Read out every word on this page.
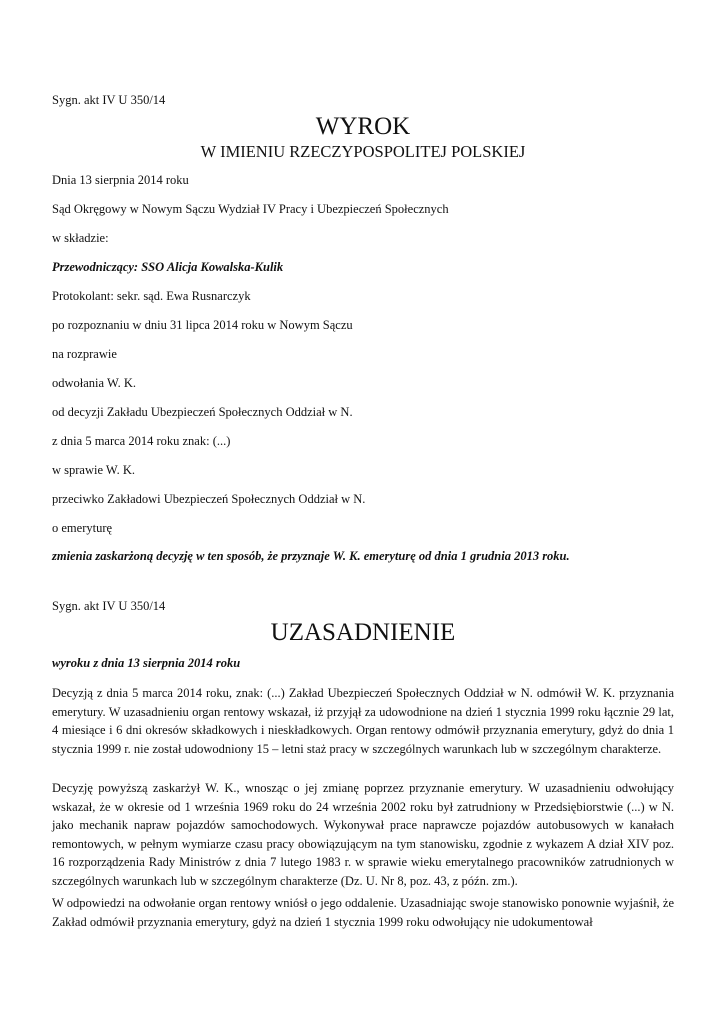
Sygn. akt IV U 350/14
WYROK
W IMIENIU RZECZYPOSPOLITEJ POLSKIEJ
Dnia 13 sierpnia 2014 roku
Sąd Okręgowy w Nowym Sączu Wydział IV Pracy i Ubezpieczeń Społecznych
w składzie:
Przewodniczący: SSO Alicja Kowalska-Kulik
Protokolant: sekr. sąd. Ewa Rusnarczyk
po rozpoznaniu w dniu 31 lipca 2014 roku w Nowym Sączu
na rozprawie
odwołania W. K.
od decyzji Zakładu Ubezpieczeń Społecznych Oddział w N.
z dnia 5 marca 2014 roku znak: (...)
w sprawie W. K.
przeciwko Zakładowi Ubezpieczeń Społecznych Oddział w N.
o emeryturę
zmienia zaskarżoną decyzję w ten sposób, że przyznaje W. K. emeryturę od dnia 1 grudnia 2013 roku.
Sygn. akt IV U 350/14
UZASADNIENIE
wyroku z dnia 13 sierpnia 2014 roku

Decyzją z dnia 5 marca 2014 roku, znak: (...) Zakład Ubezpieczeń Społecznych Oddział w N. odmówił W. K. przyznania emerytury. W uzasadnieniu organ rentowy wskazał, iż przyjął za udowodnione na dzień 1 stycznia 1999 roku łącznie 29 lat, 4 miesiące i 6 dni okresów składkowych i nieskładkowych. Organ rentowy odmówił przyznania emerytury, gdyż do dnia 1 stycznia 1999 r. nie został udowodniony 15 – letni staż pracy w szczególnych warunkach lub w szczególnym charakterze.

Decyzję powyższą zaskarżył W. K., wnosząc o jej zmianę poprzez przyznanie emerytury. W uzasadnieniu odwołujący wskazał, że w okresie od 1 września 1969 roku do 24 września 2002 roku był zatrudniony w Przedsiębiorstwie (...) w N. jako mechanik napraw pojazdów samochodowych. Wykonywał prace naprawcze pojazdów autobusowych w kanałach remontowych, w pełnym wymiarze czasu pracy obowiązującym na tym stanowisku, zgodnie z wykazem A dział XIV poz. 16 rozporządzenia Rady Ministrów z dnia 7 lutego 1983 r. w sprawie wieku emerytalnego pracowników zatrudnionych w szczególnych warunkach lub w szczególnym charakterze (Dz. U. Nr 8, poz. 43, z późn. zm.).

W odpowiedzi na odwołanie organ rentowy wniósł o jego oddalenie. Uzasadniając swoje stanowisko ponownie wyjaśnił, że Zakład odmówił przyznania emerytury, gdyż na dzień 1 stycznia 1999 roku odwołujący nie udokumentował
